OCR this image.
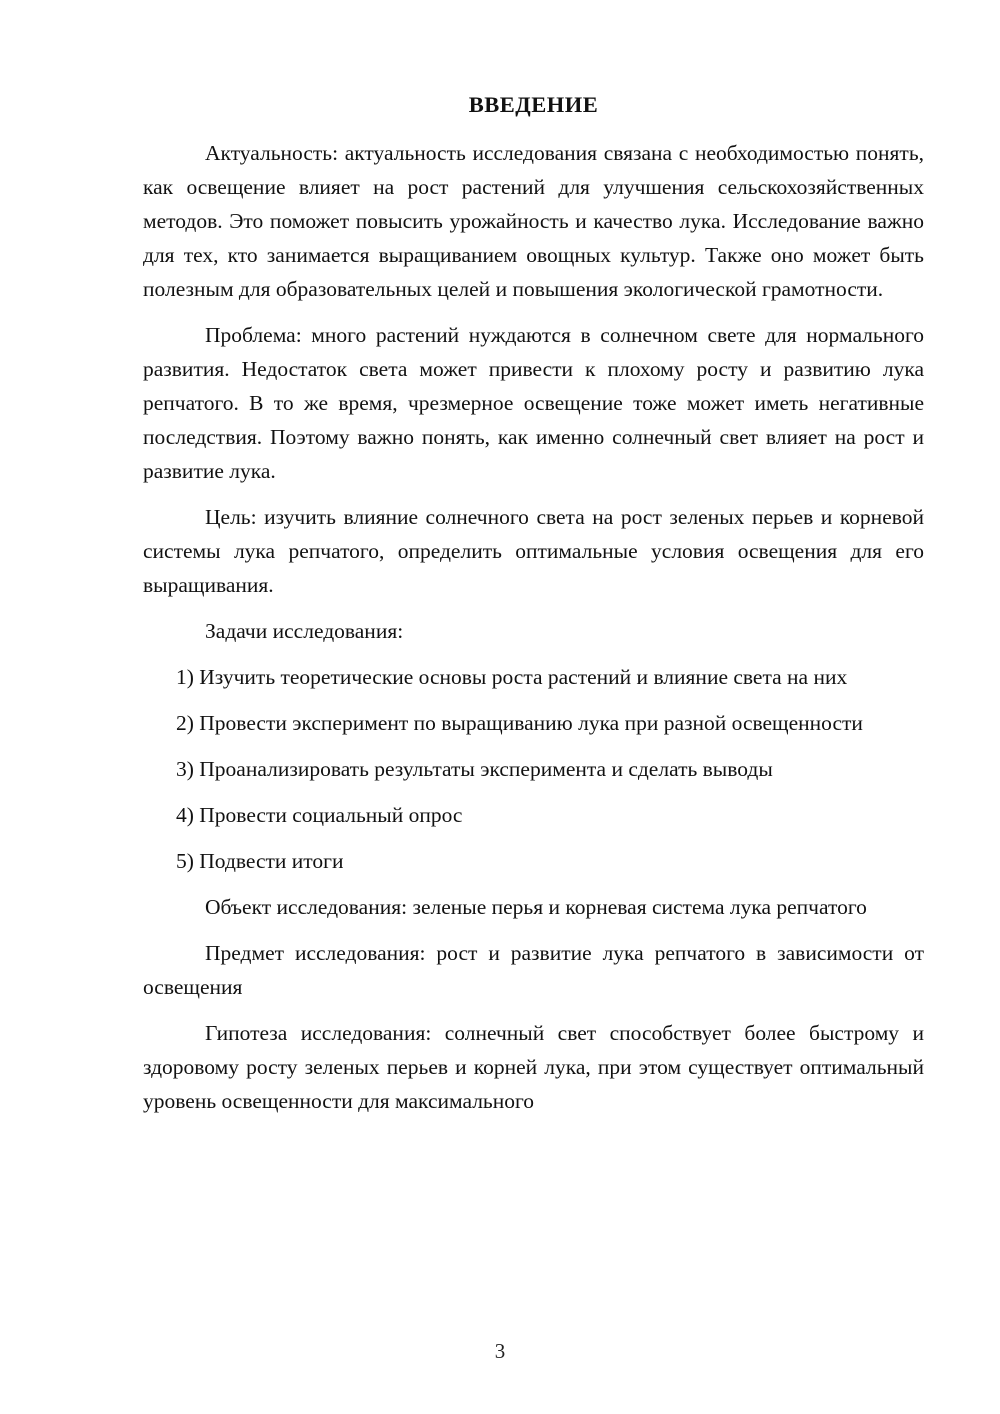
ВВЕДЕНИЕ

Актуальность: актуальность исследования связана с необходимостью понять, как освещение влияет на рост растений для улучшения сельскохозяйственных методов. Это поможет повысить урожайность и качество лука. Исследование важно для тех, кто занимается выращиванием овощных культур. Также оно может быть полезным для образовательных целей и повышения экологической грамотности.

Проблема: много растений нуждаются в солнечном свете для нормального развития. Недостаток света может привести к плохому росту и развитию лука репчатого. В то же время, чрезмерное освещение тоже может иметь негативные последствия. Поэтому важно понять, как именно солнечный свет влияет на рост и развитие лука.

Цель: изучить влияние солнечного света на рост зеленых перьев и корневой системы лука репчатого, определить оптимальные условия освещения для его выращивания.

Задачи исследования:

1) Изучить теоретические основы роста растений и влияние света на них

2) Провести эксперимент по выращиванию лука при разной освещенности

3) Проанализировать результаты эксперимента и сделать выводы

4) Провести социальный опрос

5) Подвести итоги

Объект исследования: зеленые перья и корневая система лука репчатого

Предмет исследования: рост и развитие лука репчатого в зависимости от освещения

Гипотеза исследования: солнечный свет способствует более быстрому и здоровому росту зеленых перьев и корней лука, при этом существует оптимальный уровень освещенности для максимального

3
